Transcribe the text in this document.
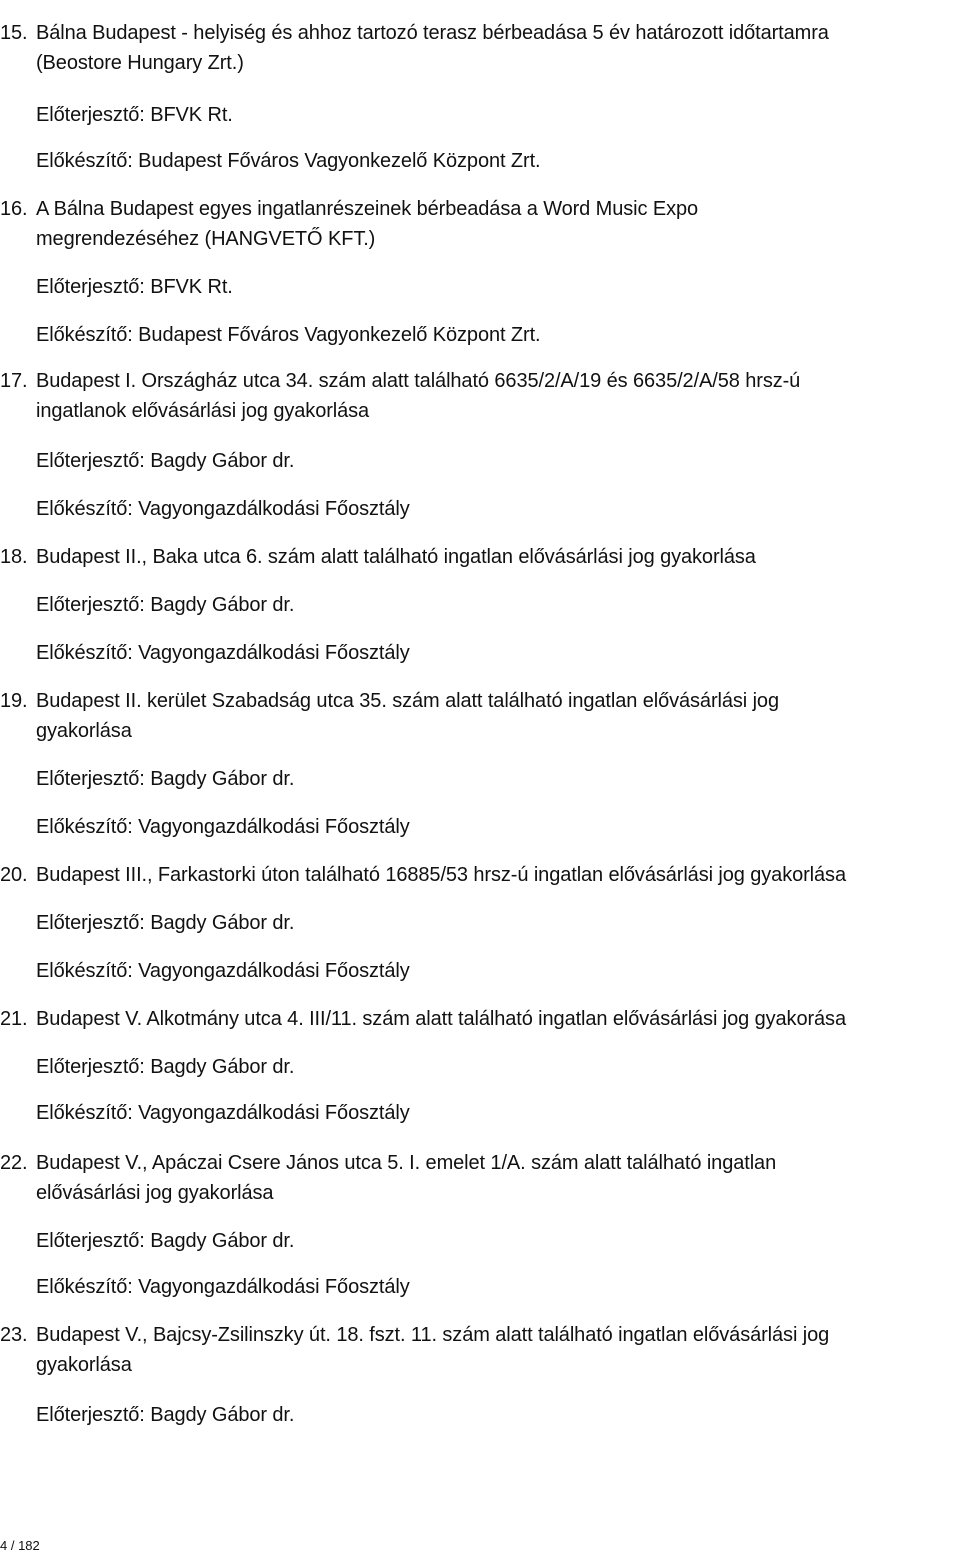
15. Bálna Budapest - helyiség és ahhoz tartozó terasz bérbeadása 5 év határozott időtartamra
(Beostore Hungary Zrt.)
Előterjesztő: BFVK Rt.
Előkészítő: Budapest Főváros Vagyonkezelő Központ Zrt.
16. A Bálna Budapest egyes ingatlanrészeinek bérbeadása a Word Music Expo
megrendezéséhez (HANGVETŐ KFT.)
Előterjesztő: BFVK Rt.
Előkészítő: Budapest Főváros Vagyonkezelő Központ Zrt.
17. Budapest I. Országház utca 34. szám alatt található 6635/2/A/19 és 6635/2/A/58 hrsz-ú
ingatlanok elővásárlási jog gyakorlása
Előterjesztő: Bagdy Gábor dr.
Előkészítő: Vagyongazdálkodási Főosztály
18. Budapest II., Baka utca 6. szám alatt található ingatlan elővásárlási jog gyakorlása
Előterjesztő: Bagdy Gábor dr.
Előkészítő: Vagyongazdálkodási Főosztály
19. Budapest II. kerület Szabadság utca 35. szám alatt található ingatlan elővásárlási jog
gyakorlása
Előterjesztő: Bagdy Gábor dr.
Előkészítő: Vagyongazdálkodási Főosztály
20. Budapest III., Farkastorki úton található 16885/53 hrsz-ú ingatlan elővásárlási jog gyakorlása
Előterjesztő: Bagdy Gábor dr.
Előkészítő: Vagyongazdálkodási Főosztály
21. Budapest V. Alkotmány utca 4. III/11. szám alatt található ingatlan elővásárlási jog gyakorása
Előterjesztő: Bagdy Gábor dr.
Előkészítő: Vagyongazdálkodási Főosztály
22. Budapest V., Apáczai Csere János utca 5. I. emelet 1/A. szám alatt található ingatlan
elővásárlási jog gyakorlása
Előterjesztő: Bagdy Gábor dr.
Előkészítő: Vagyongazdálkodási Főosztály
23. Budapest V., Bajcsy-Zsilinszky út. 18. fszt. 11. szám alatt található ingatlan elővásárlási jog
gyakorlása
Előterjesztő: Bagdy Gábor dr.
4 / 182
